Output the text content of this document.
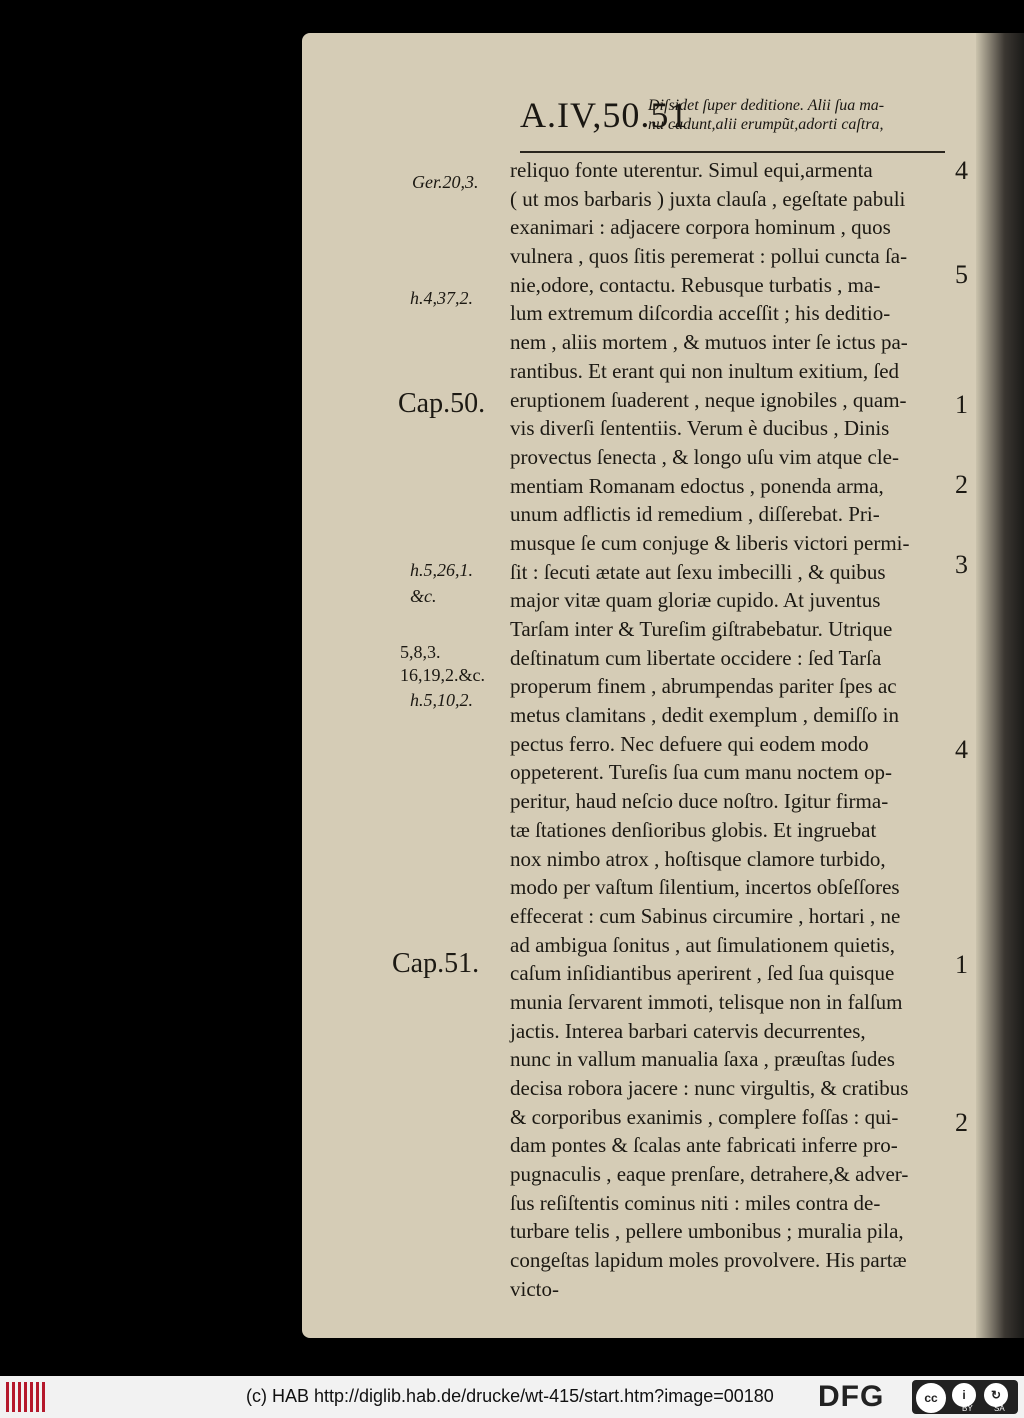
A.IV,50.51
Diſsidet ſuper deditione. Alii ſua ma-
nu cadunt,alii erumpũt,adorti caſtra,
reliquo fonte uterentur. Simul equi,armenta
( ut mos barbaris ) juxta clauſa , egeſtate pabuli
exanimari : adjacere corpora hominum , quos
vulnera , quos ſitis peremerat : pollui cuncta ſa-
nie,odore, contactu. Rebusque turbatis , ma-
lum extremum diſcordia acceſſit ; his deditio-
nem , aliis mortem , & mutuos inter ſe ictus pa-
rantibus. Et erant qui non inultum exitium, ſed
eruptionem ſuaderent , neque ignobiles , quam-
vis diverſi ſententiis. Verum è ducibus , Dinis
provectus ſenecta , & longo uſu vim atque cle-
mentiam Romanam edoctus , ponenda arma,
unum adflictis id remedium , diſſerebat. Pri-
musque ſe cum conjuge & liberis victori permi-
ſit : ſecuti ætate aut ſexu imbecilli , & quibus
major vitæ quam gloriæ cupido. At juventus
Tarſam inter & Tureſim giſtrabebatur. Utrique
deſtinatum cum libertate occidere : ſed Tarſa
properum finem , abrumpendas pariter ſpes ac
metus clamitans , dedit exemplum , demiſſo in
pectus ferro. Nec defuere qui eodem modo
oppeterent. Tureſis ſua cum manu noctem op-
peritur, haud neſcio duce noſtro. Igitur firma-
tæ ſtationes denſioribus globis. Et ingruebat
nox nimbo atrox , hoſtisque clamore turbido,
modo per vaſtum ſilentium, incertos obſeſſores
effecerat : cum Sabinus circumire , hortari , ne
ad ambigua ſonitus , aut ſimulationem quietis,
caſum inſidiantibus aperirent , ſed ſua quisque
munia ſervarent immoti, telisque non in falſum
jactis. Interea barbari catervis decurrentes,
nunc in vallum manualia ſaxa , præuſtas ſudes
decisa robora jacere : nunc virgultis, & cratibus
& corporibus exanimis , complere foſſas : qui-
dam pontes & ſcalas ante fabricati inferre pro-
pugnaculis , eaque prenſare, detrahere,& adver-
ſus reſiſtentis cominus niti : miles contra de-
turbare telis , pellere umbonibus ; muralia pila,
congeſtas lapidum moles provolvere. His partæ
victo-
Ger.20,3.
h.4,37,2.
Cap.50.
h.5,26,1.
&c.
5,8,3.
16,19,2.&c.
h.5,10,2.
Cap.51.
4
5
1
2
3
4
1
2
(c) HAB http://diglib.hab.de/drucke/wt-415/start.htm?image=00180 DFG	cc	i	↻
BY	SA
